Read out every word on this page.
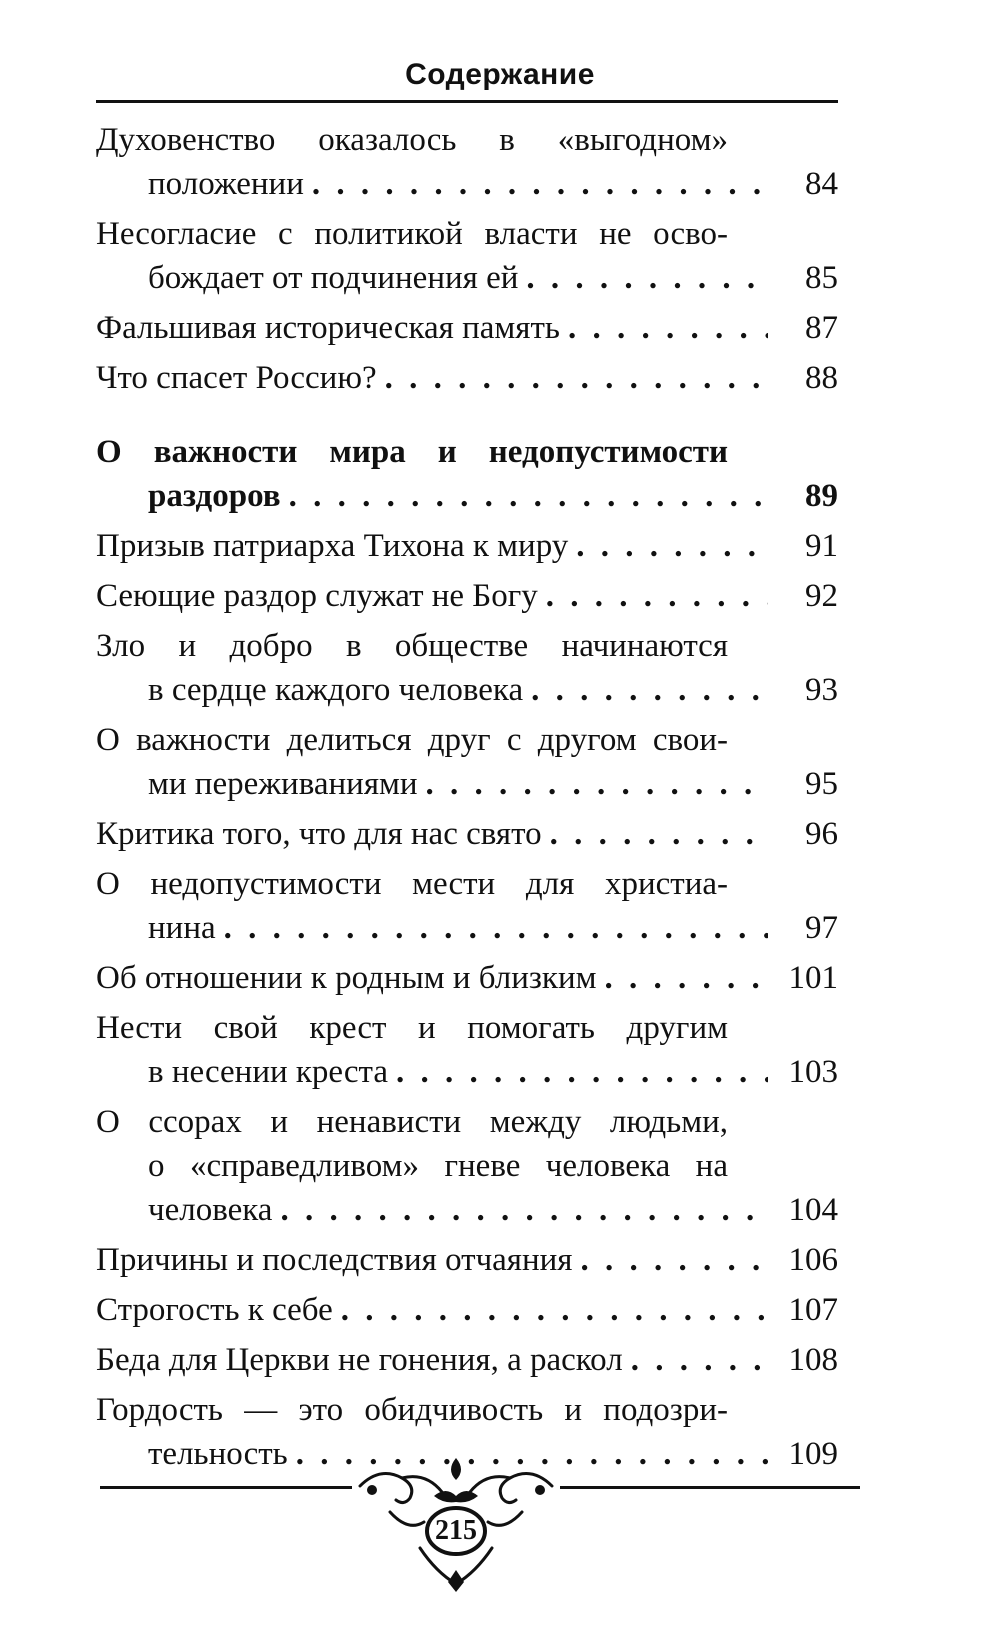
Содержание
Духовенство оказалось в «выгодном»
положении . . .	84
Несогласие с политикой власти не осво-
бождает от подчинения ей . . .	85
Фальшивая историческая память . . .	87
Что спасет Россию? . . .	88
О важности мира и недопустимости
раздоров . . .	89
Призыв патриарха Тихона к миру . . .	91
Сеющие раздор служат не Богу . . .	92
Зло и добро в обществе начинаются
в сердце каждого человека . . .	93
О важности делиться друг с другом свои-
ми переживаниями . . .	95
Критика того, что для нас свято . . .	96
О недопустимости мести для христиа-
нина . . .	97
Об отношении к родным и близким . . .	101
Нести свой крест и помогать другим
в несении креста . . .	103
О ссорах и ненависти между людьми,
о «справедливом» гневе человека на
человека . . .	104
Причины и последствия отчаяния . . .	106
Строгость к себе . . .	107
Беда для Церкви не гонения, а раскол . . .	108
Гордость — это обидчивость и подозри-
тельность . . .	109
215
